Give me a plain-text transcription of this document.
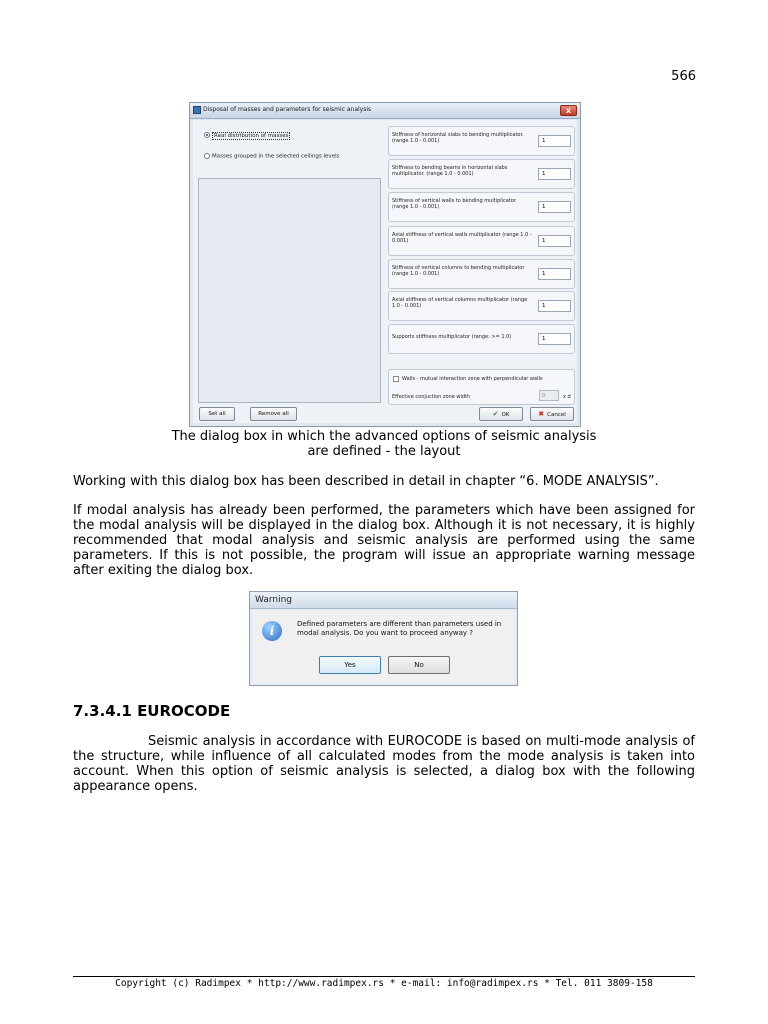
566
Disposal of masses and parameters for seismic analysis	x
Real distribution of masses
Masses grouped in the selected ceilings levels
Stiffness of horizontal slabs to bending multiplicator. (range 1.0 - 0.001)	1
Stiffness to bending beams in horizontal slabs multiplicator. (range 1.0 - 0.001)	1
Stiffness of vertical walls to bending multiplicator (range 1.0 - 0.001)	1
Axial stiffness of vertical walls multiplicator (range 1.0 - 0.001)	1
Stiffness of vertical columns to bending multiplicator (range 1.0 - 0.001)	1
Axial stiffness of vertical columns multiplicator (range 1.0 - 0.001)	1
Supports stiffness multiplicator (range: >= 1.0)	1
Walls - mutual interaction zone with perpendicular walls
Effective conjuction zone width	0	x d
Set all	Remove all	✔ OK	✖ Cancel
The dialog box in which the advanced options of seismic analysis
are defined - the layout
Working with this dialog box has been described in detail in chapter “6. MODE ANALYSIS”.
If modal analysis has already been performed, the parameters which have been assigned for the modal analysis will be displayed in the dialog box. Although it is not necessary, it is highly recommended that modal analysis and seismic analysis are performed using the same parameters. If this is not possible, the program will issue an appropriate warning message after exiting the dialog box.
Warning
i	Defined parameters are different than parameters used in modal analysis. Do you want to proceed anyway ?
Yes	No
7.3.4.1 EUROCODE
Seismic analysis in accordance with EUROCODE is based on multi-mode analysis of the structure, while influence of all calculated modes from the mode analysis is taken into account. When this option of seismic analysis is selected, a dialog box with the following appearance opens.
Copyright (c) Radimpex * http://www.radimpex.rs * e-mail: info@radimpex.rs * Tel. 011 3809-158
